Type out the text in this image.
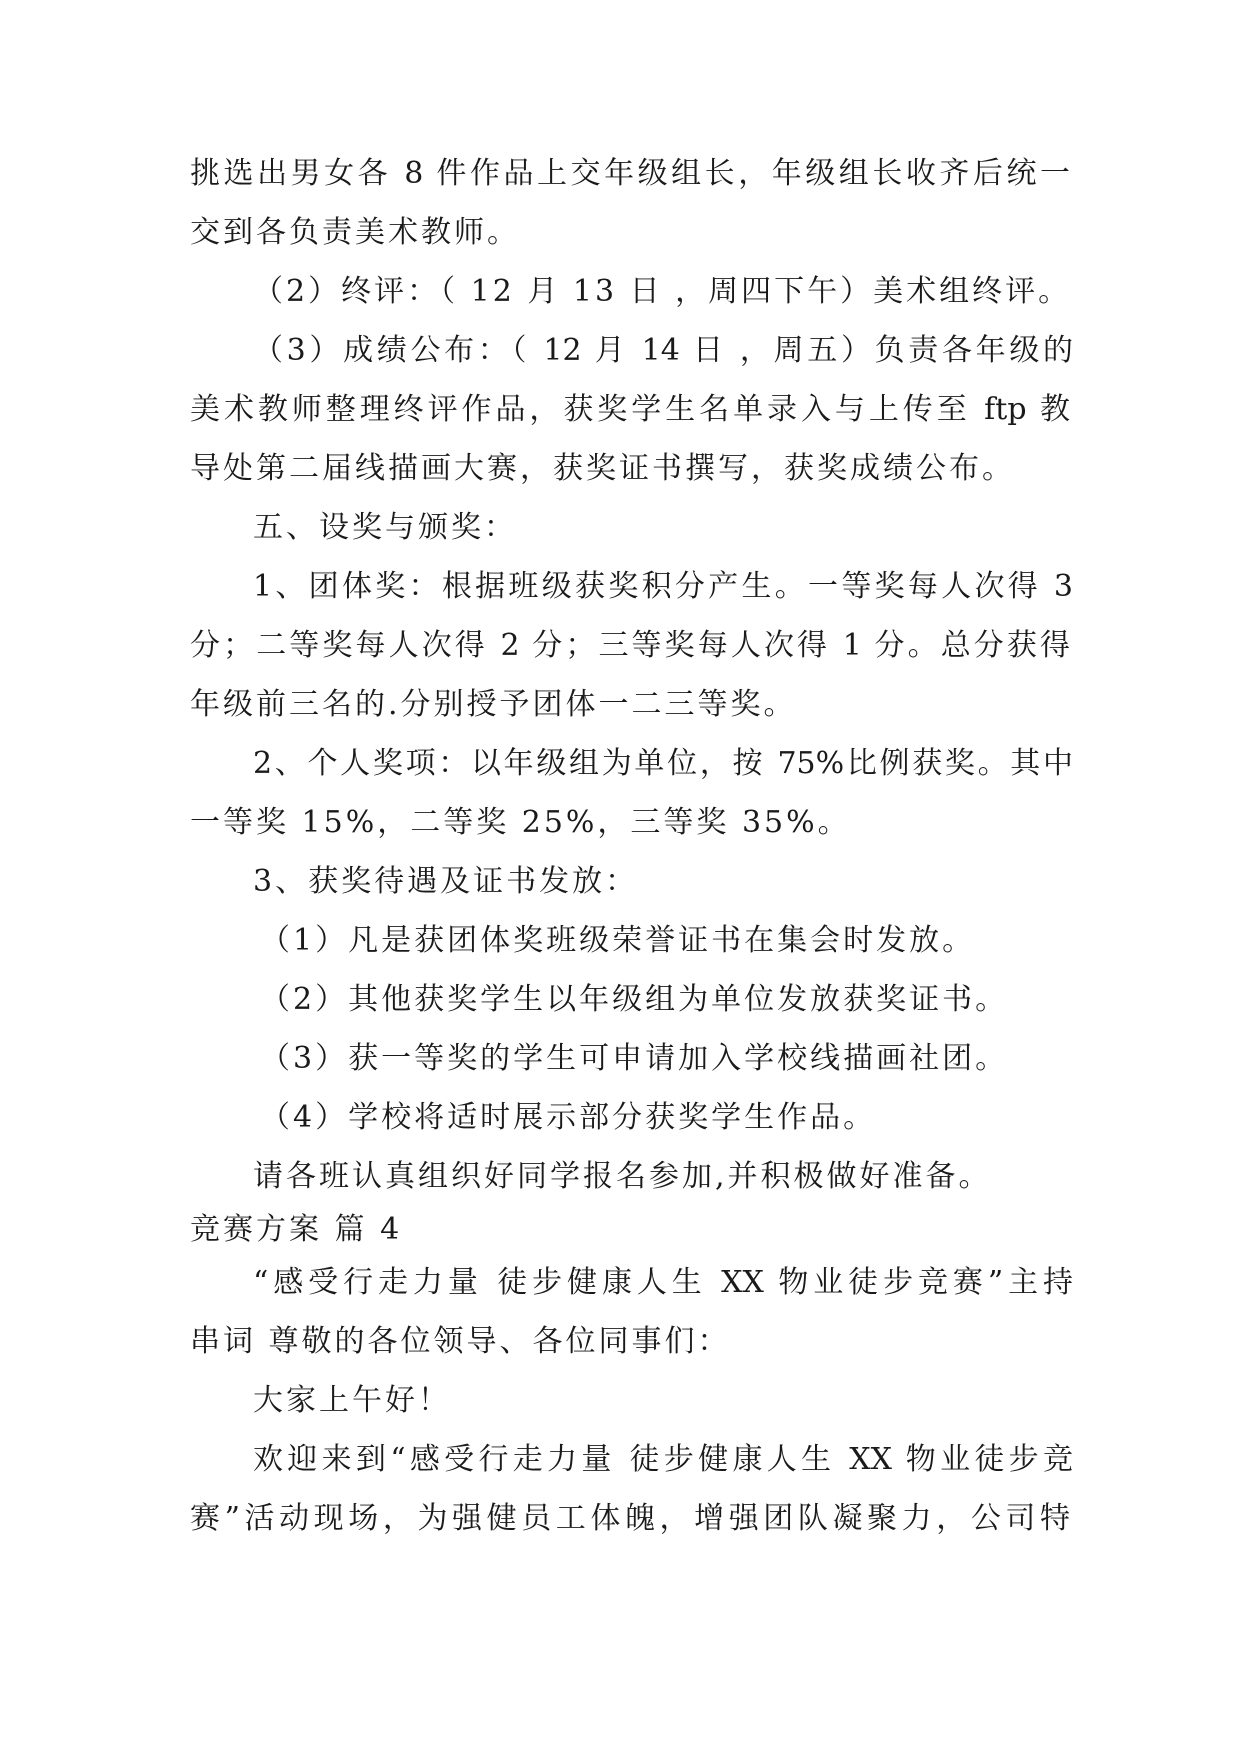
挑选出男女各 8 件作品上交年级组长，年级组长收齐后统一
交到各负责美术教师。
（2）终评：（ 12 月 13 日 ，周四下午）美术组终评。
（3）成绩公布：（ 12 月 14 日 ，周五）负责各年级的
美术教师整理终评作品，获奖学生名单录入与上传至 ftp 教
导处第二届线描画大赛，获奖证书撰写，获奖成绩公布。
五、设奖与颁奖：
1、团体奖：根据班级获奖积分产生。一等奖每人次得 3
分；二等奖每人次得 2 分；三等奖每人次得 1 分。总分获得
年级前三名的.分别授予团体一二三等奖。
2、个人奖项：以年级组为单位，按 75%比例获奖。其中
一等奖 15%，二等奖 25%，三等奖 35%。
3、获奖待遇及证书发放：
（1）凡是获团体奖班级荣誉证书在集会时发放。
（2）其他获奖学生以年级组为单位发放获奖证书。
（3）获一等奖的学生可申请加入学校线描画社团。
（4）学校将适时展示部分获奖学生作品。
请各班认真组织好同学报名参加,并积极做好准备。
竞赛方案 篇 4
“感受行走力量 徒步健康人生 XX 物业徒步竞赛”主持
串词 尊敬的各位领导、各位同事们：
大家上午好！
欢迎来到“感受行走力量 徒步健康人生 XX 物业徒步竞
赛”活动现场，为强健员工体魄，增强团队凝聚力，公司特
